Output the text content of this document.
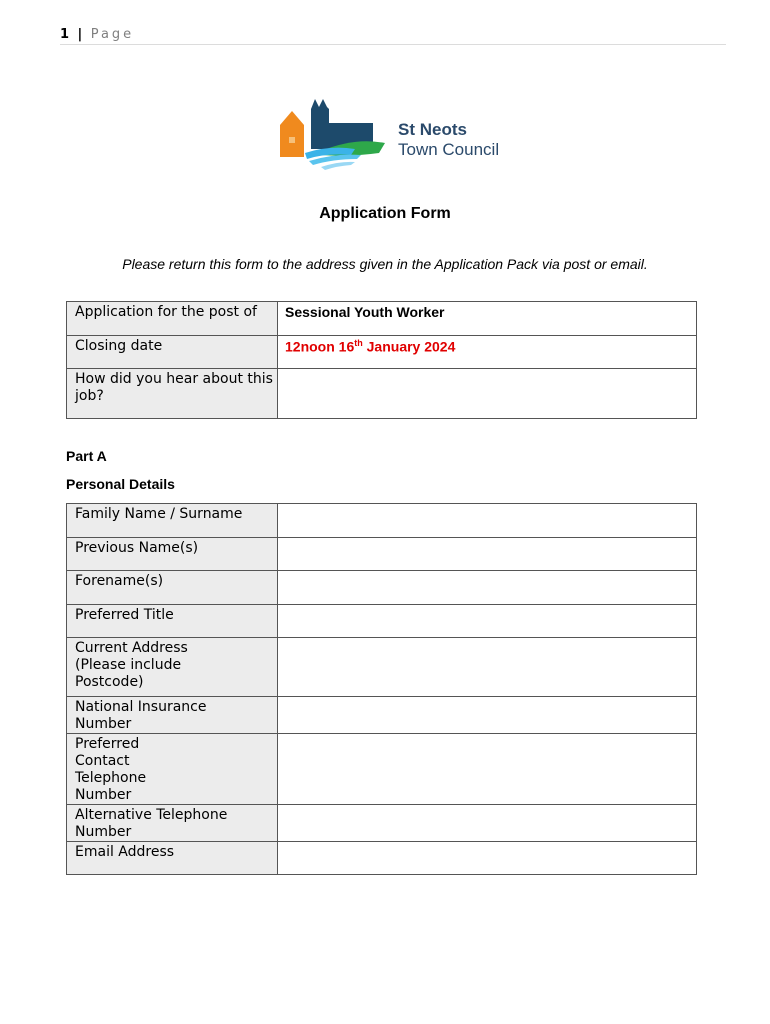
1 | Page
St Neots
Town Council
Application Form
Please return this form to the address given in the Application Pack via post or email.
Application for the post of	Sessional Youth Worker
Closing date	12noon 16th January 2024
How did you hear about this job?	
Part A
Personal Details
Family Name / Surname	
Previous Name(s)	
Forename(s)	
Preferred Title	
Current Address (Please include Postcode)	
National Insurance Number	
Preferred Contact Telephone Number	
Alternative Telephone Number	
Email Address	
